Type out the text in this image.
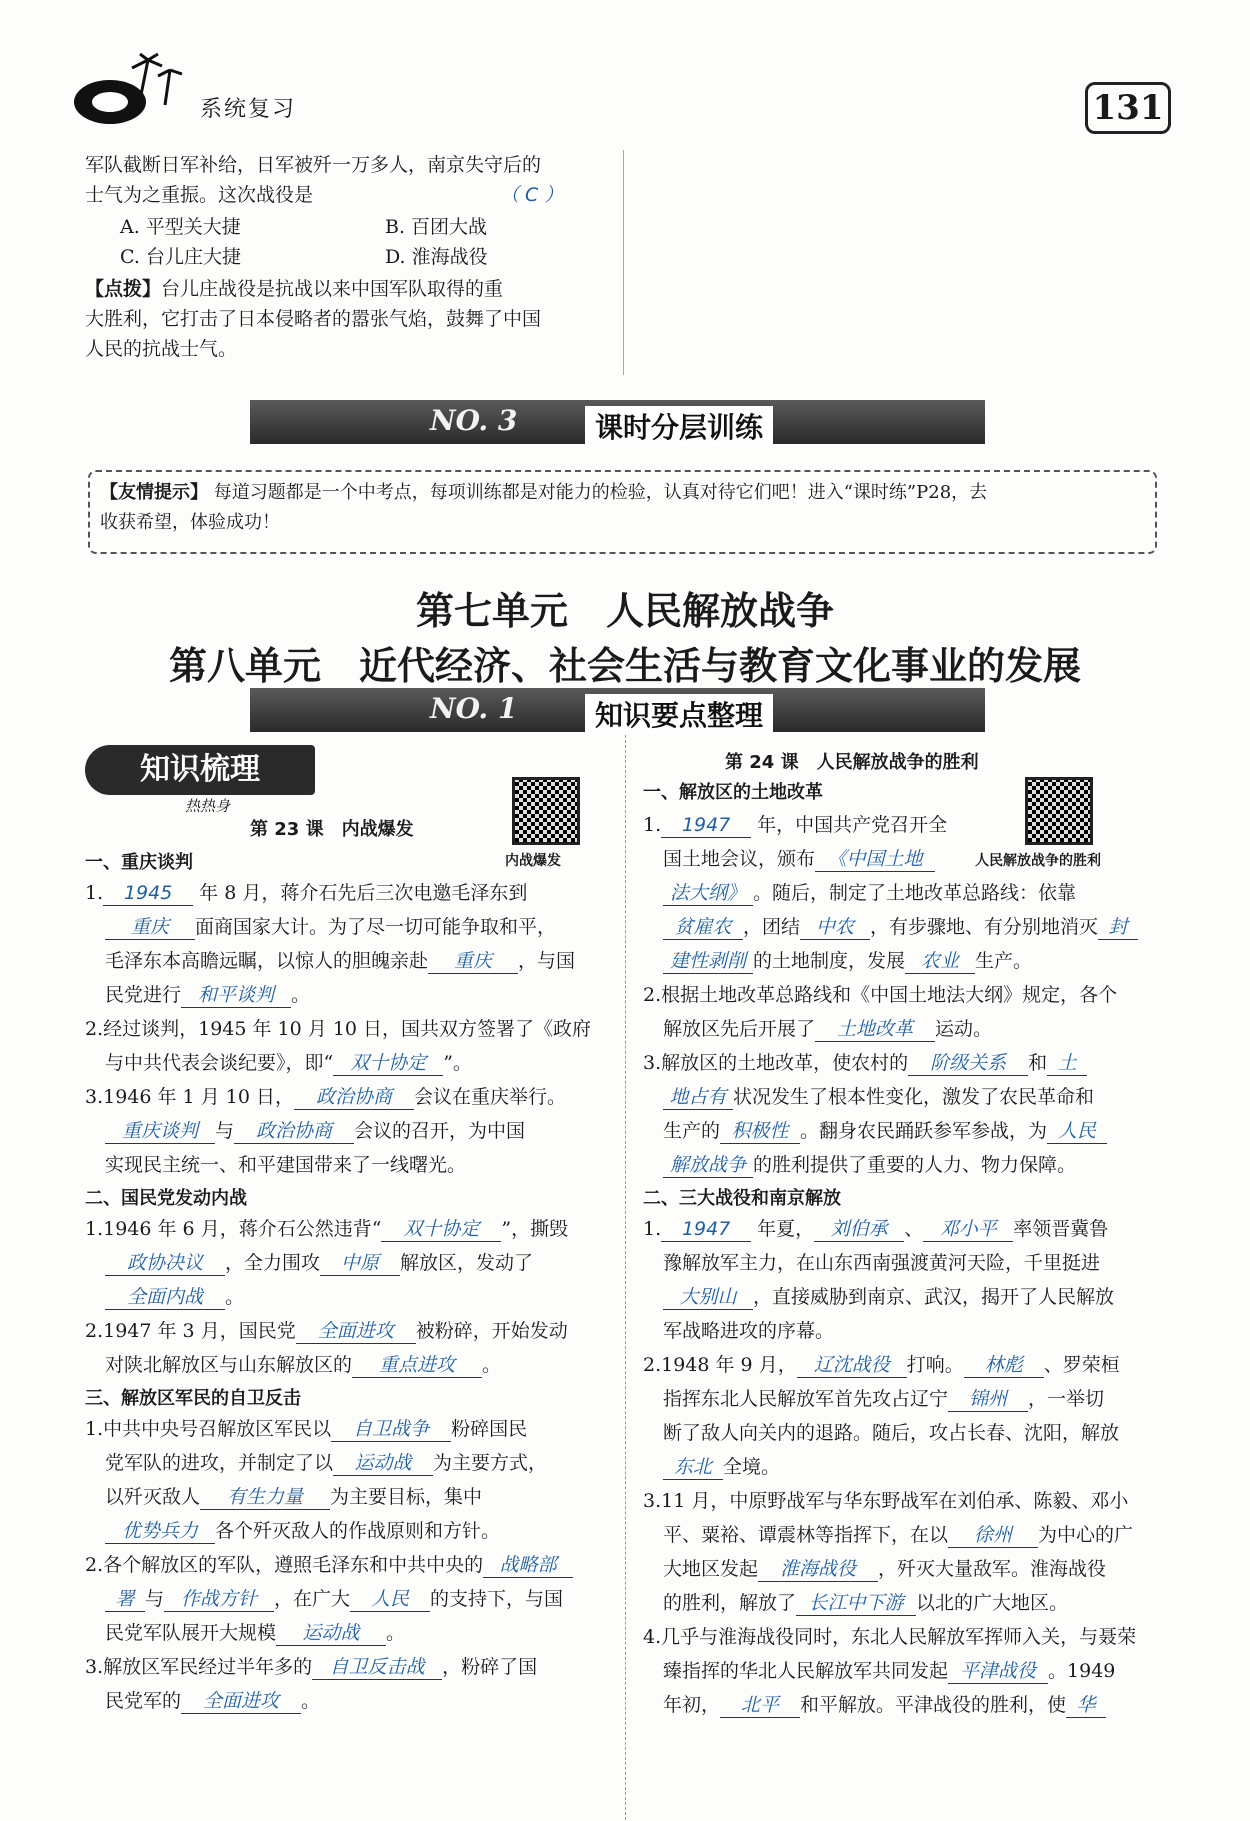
系统复习	131
军队截断日军补给，日军被歼一万多人，南京失守后的
士气为之重振。这次战役是	（ C ）
A. 平型关大捷	B. 百团大战
C. 台儿庄大捷	D. 淮海战役
【点拨】台儿庄战役是抗战以来中国军队取得的重
大胜利，它打击了日本侵略者的嚣张气焰，鼓舞了中国
人民的抗战士气。
NO. 3	课时分层训练
【友情提示】 每道习题都是一个中考点，每项训练都是对能力的检验，认真对待它们吧！进入“课时练”P28，去
收获希望，体验成功！
第七单元　人民解放战争
第八单元　近代经济、社会生活与教育文化事业的发展
NO. 1	知识要点整理
知识梳理
热热身
第 23 课　内战爆发
内战爆发
一、重庆谈判
1. 1945 年 8 月，蒋介石先后三次电邀毛泽东到
重庆 面商国家大计。为了尽一切可能争取和平，
毛泽东本高瞻远瞩，以惊人的胆魄亲赴 重庆 ，与国
民党进行 和平谈判 。
2.经过谈判，1945 年 10 月 10 日，国共双方签署了《政府
与中共代表会谈纪要》，即“ 双十协定 ”。
3.1946 年 1 月 10 日， 政治协商 会议在重庆举行。
重庆谈判 与 政治协商 会议的召开，为中国
实现民主统一、和平建国带来了一线曙光。
二、国民党发动内战
1.1946 年 6 月，蒋介石公然违背“ 双十协定 ”，撕毁
政协决议 ，全力围攻 中原 解放区，发动了
全面内战 。
2.1947 年 3 月，国民党 全面进攻 被粉碎，开始发动
对陕北解放区与山东解放区的 重点进攻 。
三、解放区军民的自卫反击
1.中共中央号召解放区军民以 自卫战争 粉碎国民
党军队的进攻，并制定了以 运动战 为主要方式，
以歼灭敌人 有生力量 为主要目标，集中
优势兵力 各个歼灭敌人的作战原则和方针。
2.各个解放区的军队，遵照毛泽东和中共中央的 战略部
署 与 作战方针 ，在广大 人民 的支持下，与国
民党军队展开大规模 运动战 。
3.解放区军民经过半年多的 自卫反击战 ，粉碎了国
民党军的 全面进攻 。
第 24 课　人民解放战争的胜利
人民解放战争的胜利
一、解放区的土地改革
1. 1947 年，中国共产党召开全
国土地会议，颁布 《中国土地
法大纲》 。随后，制定了土地改革总路线：依靠
贫雇农 ，团结 中农 ，有步骤地、有分别地消灭 封
建性剥削 的土地制度，发展 农业 生产。
2.根据土地改革总路线和《中国土地法大纲》规定，各个
解放区先后开展了 土地改革 运动。
3.解放区的土地改革，使农村的 阶级关系 和 土
地占有 状况发生了根本性变化，激发了农民革命和
生产的 积极性 。翻身农民踊跃参军参战，为 人民
解放战争 的胜利提供了重要的人力、物力保障。
二、三大战役和南京解放
1. 1947 年夏， 刘伯承 、 邓小平 率领晋冀鲁
豫解放军主力，在山东西南强渡黄河天险，千里挺进
大别山 ，直接威胁到南京、武汉，揭开了人民解放
军战略进攻的序幕。
2.1948 年 9 月， 辽沈战役 打响。 林彪 、罗荣桓
指挥东北人民解放军首先攻占辽宁 锦州 ，一举切
断了敌人向关内的退路。随后，攻占长春、沈阳，解放
东北 全境。
3.11 月，中原野战军与华东野战军在刘伯承、陈毅、邓小
平、粟裕、谭震林等指挥下，在以 徐州 为中心的广
大地区发起 淮海战役 ，歼灭大量敌军。淮海战役
的胜利，解放了 长江中下游 以北的广大地区。
4.几乎与淮海战役同时，东北人民解放军挥师入关，与聂荣
臻指挥的华北人民解放军共同发起 平津战役 。1949
年初， 北平 和平解放。平津战役的胜利，使 华
